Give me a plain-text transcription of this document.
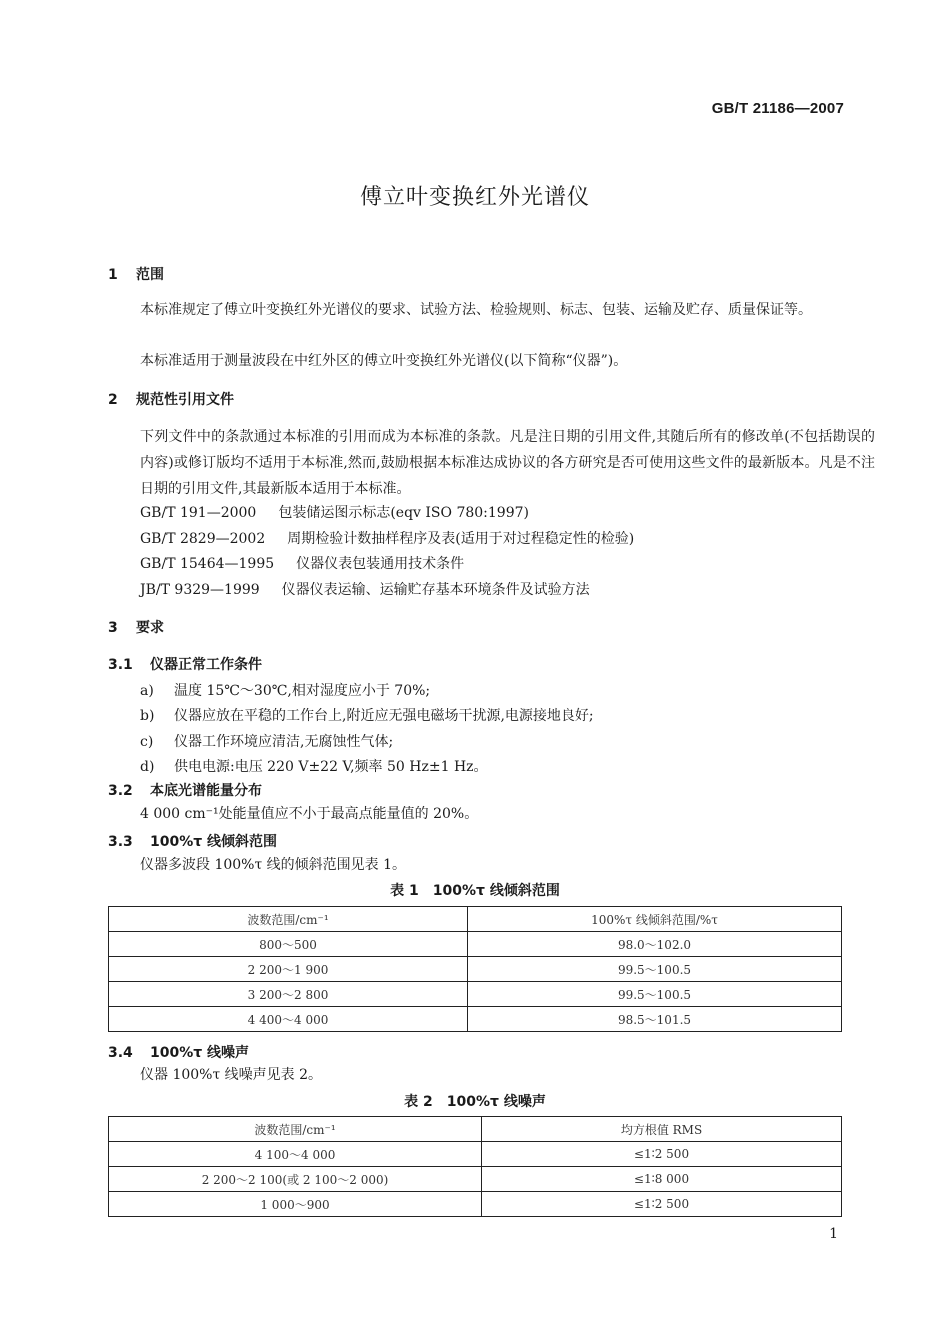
GB/T 21186—2007
傅立叶变换红外光谱仪
1 范围
本标准规定了傅立叶变换红外光谱仪的要求、试验方法、检验规则、标志、包装、运输及贮存、质量保证等。
本标准适用于测量波段在中红外区的傅立叶变换红外光谱仪(以下简称“仪器”)。
2 规范性引用文件
下列文件中的条款通过本标准的引用而成为本标准的条款。凡是注日期的引用文件,其随后所有的修改单(不包括勘误的内容)或修订版均不适用于本标准,然而,鼓励根据本标准达成协议的各方研究是否可使用这些文件的最新版本。凡是不注日期的引用文件,其最新版本适用于本标准。
GB/T 191—2000 包装储运图示标志(eqv ISO 780:1997)
GB/T 2829—2002 周期检验计数抽样程序及表(适用于对过程稳定性的检验)
GB/T 15464—1995 仪器仪表包装通用技术条件
JB/T 9329—1999 仪器仪表运输、运输贮存基本环境条件及试验方法
3 要求
3.1 仪器正常工作条件
a) 温度 15℃～30℃,相对湿度应小于 70%;
b) 仪器应放在平稳的工作台上,附近应无强电磁场干扰源,电源接地良好;
c) 仪器工作环境应清洁,无腐蚀性气体;
d) 供电电源:电压 220 V±22 V,频率 50 Hz±1 Hz。
3.2 本底光谱能量分布
4 000 cm⁻¹处能量值应不小于最高点能量值的 20%。
3.3 100%τ 线倾斜范围
仪器多波段 100%τ 线的倾斜范围见表 1。
表 1　100%τ 线倾斜范围
波数范围/cm⁻¹	100%τ 线倾斜范围/%τ
800～500	98.0～102.0
2 200～1 900	99.5～100.5
3 200～2 800	99.5～100.5
4 400～4 000	98.5～101.5
3.4 100%τ 线噪声
仪器 100%τ 线噪声见表 2。
表 2　100%τ 线噪声
波数范围/cm⁻¹	均方根值 RMS
4 100～4 000	≤1∶2 500
2 200～2 100(或 2 100～2 000)	≤1∶8 000
1 000～900	≤1∶2 500
1
